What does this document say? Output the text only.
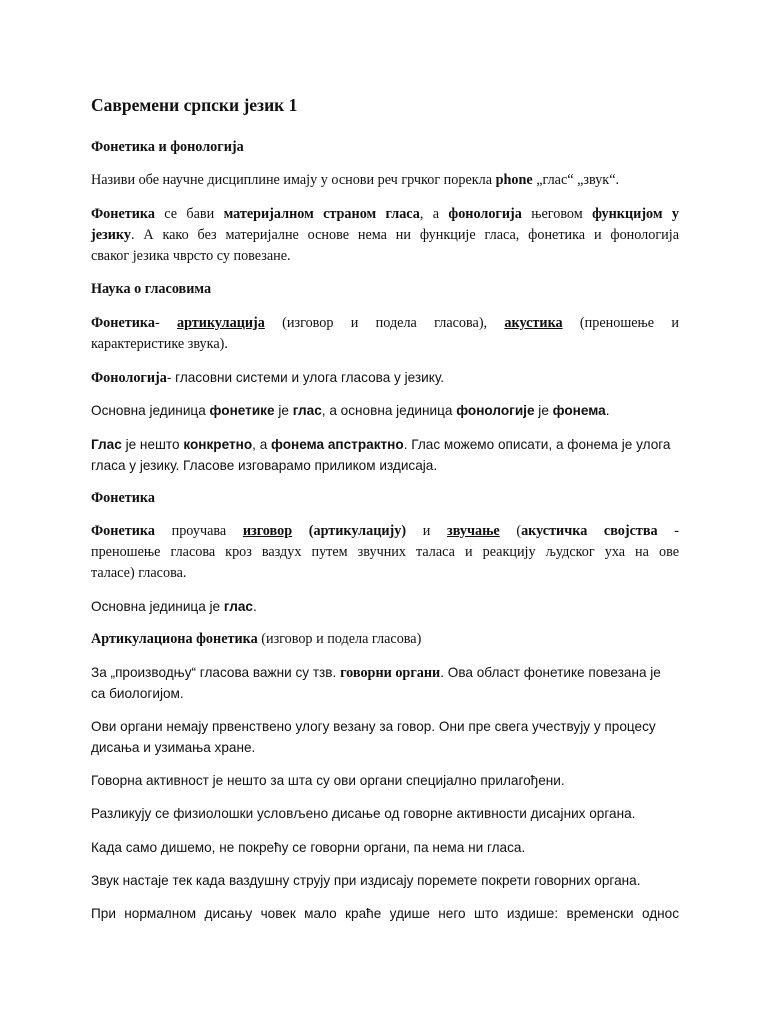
Савремени српски језик 1
Фонетика и фонологија
Називи обе научне дисциплине имају у основи реч грчког порекла phone „глас“ „звук“.
Фонетика се бави материјалном страном гласа, а фонологија његовом функцијом у
језику. А како без материјалне основе нема ни функције гласа, фонетика и фонологија
сваког језика чврсто су повезане.
Наука о гласовима
Фонетика- артикулација (изговор и подела гласова), акустика (преношење и
карактеристике звука).
Фонологија- гласовни системи и улога гласова у језику.
Основна јединица фонетике је глас, а основна јединица фонологије је фонема.
Глас је нешто конкретно, а фонема апстрактно. Глас можемо описати, а фонема је улога
гласа у језику. Гласове изговарамо приликом издисаја.
Фонетика
Фонетика проучава изговор (артикулацију) и звучање (акустичка својства -
преношење гласова кроз ваздух путем звучних таласа и реакцију људског уха на ове
таласе) гласова.
Основна јединица је глас.
Артикулациона фонетика (изговор и подела гласова)
За „производњу“ гласова важни су тзв. говорни органи. Ова област фонетике повезана је
са биологијом.
Ови органи немају првенствено улогу везану за говор. Они пре свега учествују у процесу
дисања и узимања хране.
Говорна активност је нешто за шта су ови органи специјално прилагођени.
Разликују се физиолошки условљено дисање од говорне активности дисајних органа.
Када само дишемо, не покрећу се говорни органи, па нема ни гласа.
Звук настаје тек када ваздушну струју при издисају поремете покрети говорних органа.
При нормалном дисању човек мало краће удише него што издише: временски однос
